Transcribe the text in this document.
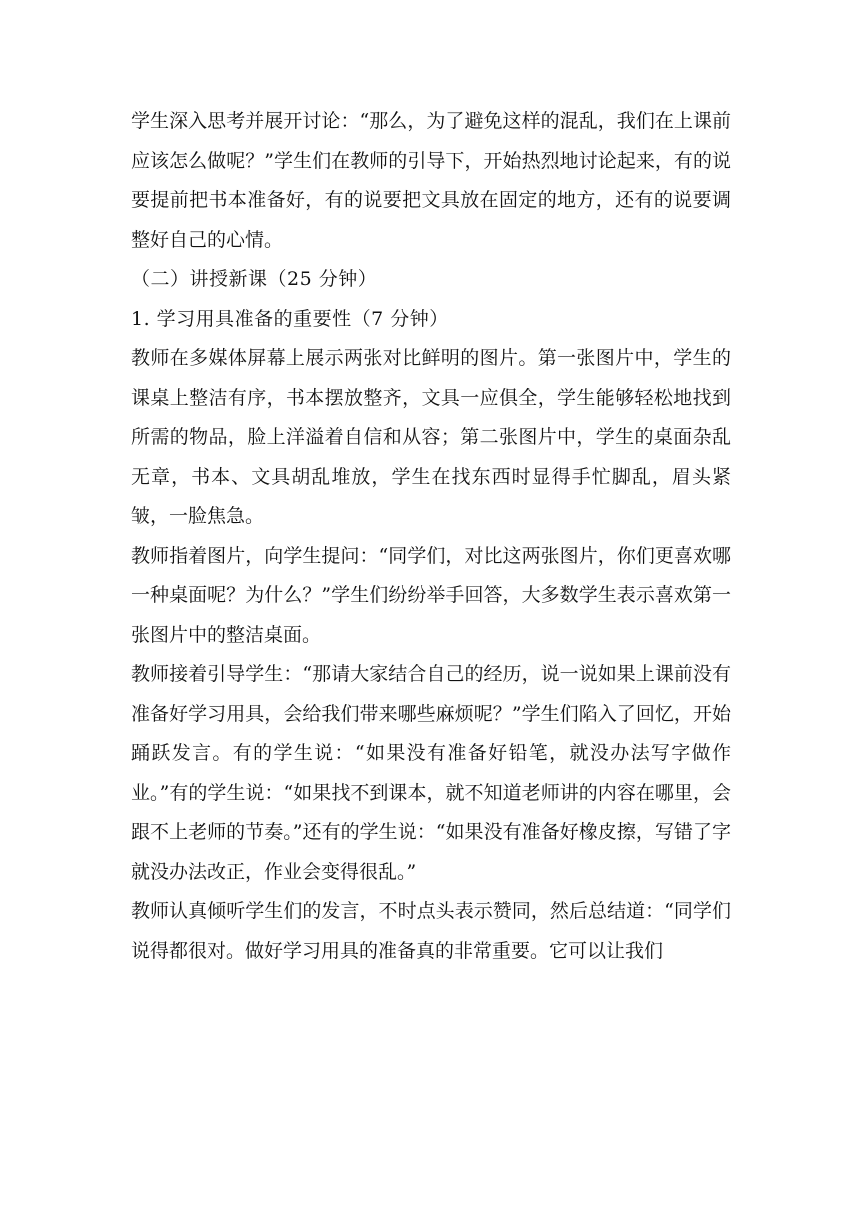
学生深入思考并展开讨论：“那么，为了避免这样的混乱，我们在上课前应该怎么做呢？”学生们在教师的引导下，开始热烈地讨论起来，有的说要提前把书本准备好，有的说要把文具放在固定的地方，还有的说要调整好自己的心情。

（二）讲授新课（25 分钟）

1. 学习用具准备的重要性（7 分钟）

教师在多媒体屏幕上展示两张对比鲜明的图片。第一张图片中，学生的课桌上整洁有序，书本摆放整齐，文具一应俱全，学生能够轻松地找到所需的物品，脸上洋溢着自信和从容；第二张图片中，学生的桌面杂乱无章，书本、文具胡乱堆放，学生在找东西时显得手忙脚乱，眉头紧皱，一脸焦急。

教师指着图片，向学生提问：“同学们，对比这两张图片，你们更喜欢哪一种桌面呢？为什么？”学生们纷纷举手回答，大多数学生表示喜欢第一张图片中的整洁桌面。

教师接着引导学生：“那请大家结合自己的经历，说一说如果上课前没有准备好学习用具，会给我们带来哪些麻烦呢？”学生们陷入了回忆，开始踊跃发言。有的学生说：“如果没有准备好铅笔，就没办法写字做作业。”有的学生说：“如果找不到课本，就不知道老师讲的内容在哪里，会跟不上老师的节奏。”还有的学生说：“如果没有准备好橡皮擦，写错了字就没办法改正，作业会变得很乱。”

教师认真倾听学生们的发言，不时点头表示赞同，然后总结道：“同学们说得都很对。做好学习用具的准备真的非常重要。它可以让我们
